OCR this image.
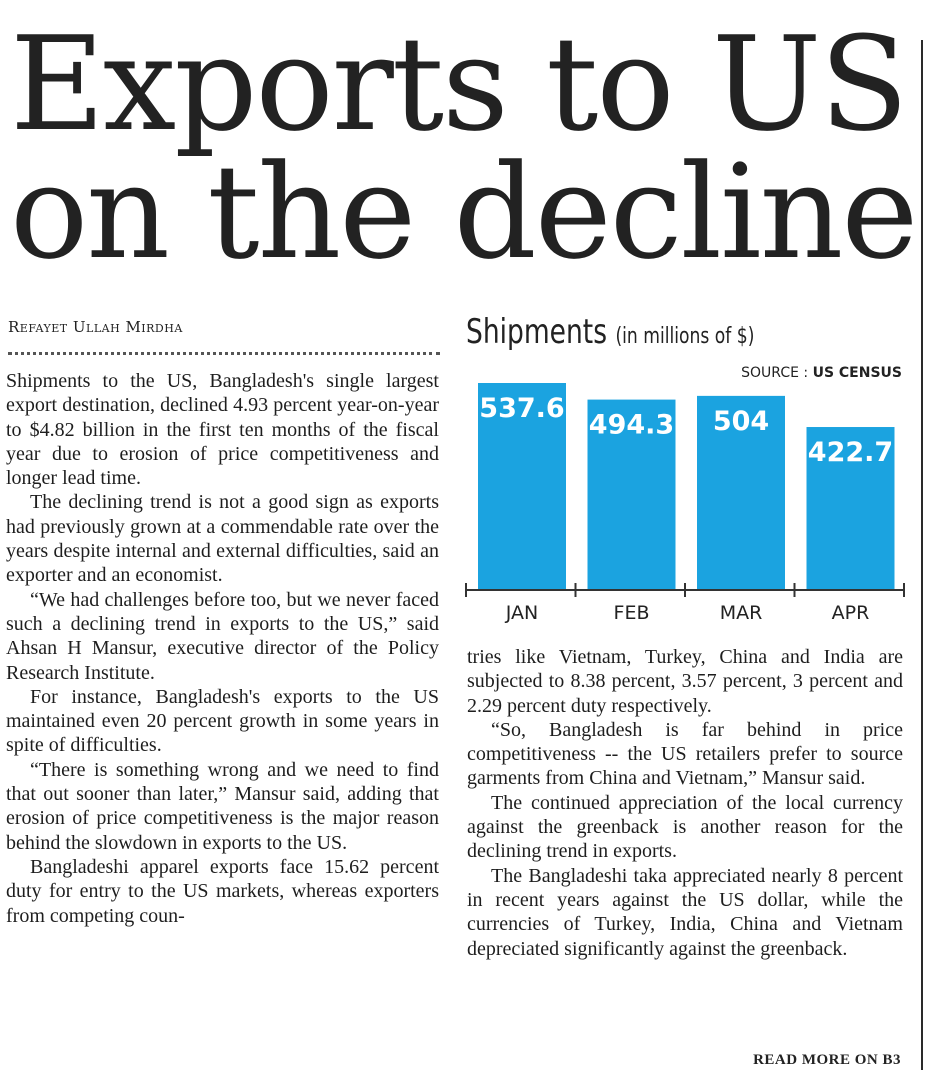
Exports to US
on the decline
Refayet Ullah Mirdha

Shipments to the US, Bangladesh's single largest export destination, declined 4.93 percent year-on-year to $4.82 billion in the first ten months of the fiscal year due to erosion of price competitiveness and longer lead time.

The declining trend is not a good sign as exports had previously grown at a commendable rate over the years despite internal and external difficulties, said an exporter and an economist.

“We had challenges before too, but we never faced such a declining trend in exports to the US,” said Ahsan H Mansur, executive director of the Policy Research Institute.

For instance, Bangladesh's exports to the US maintained even 20 percent growth in some years in spite of difficulties.

“There is something wrong and we need to find that out sooner than later,” Mansur said, adding that erosion of price competitiveness is the major reason behind the slowdown in exports to the US.

Bangladeshi apparel exports face 15.62 percent duty for entry to the US markets, whereas exporters from competing coun-

Shipments (in millions of $)
SOURCE : US CENSUS
537.6
JAN
494.3
FEB
504
MAR
422.7
APR

tries like Vietnam, Turkey, China and India are subjected to 8.38 percent, 3.57 percent, 3 percent and 2.29 percent duty respectively.

“So, Bangladesh is far behind in price competitiveness -- the US retailers prefer to source garments from China and Vietnam,” Mansur said.

The continued appreciation of the local currency against the greenback is another reason for the declining trend in exports.

The Bangladeshi taka appreciated nearly 8 percent in recent years against the US dollar, while the currencies of Turkey, India, China and Vietnam depreciated significantly against the greenback.

READ MORE ON B3
